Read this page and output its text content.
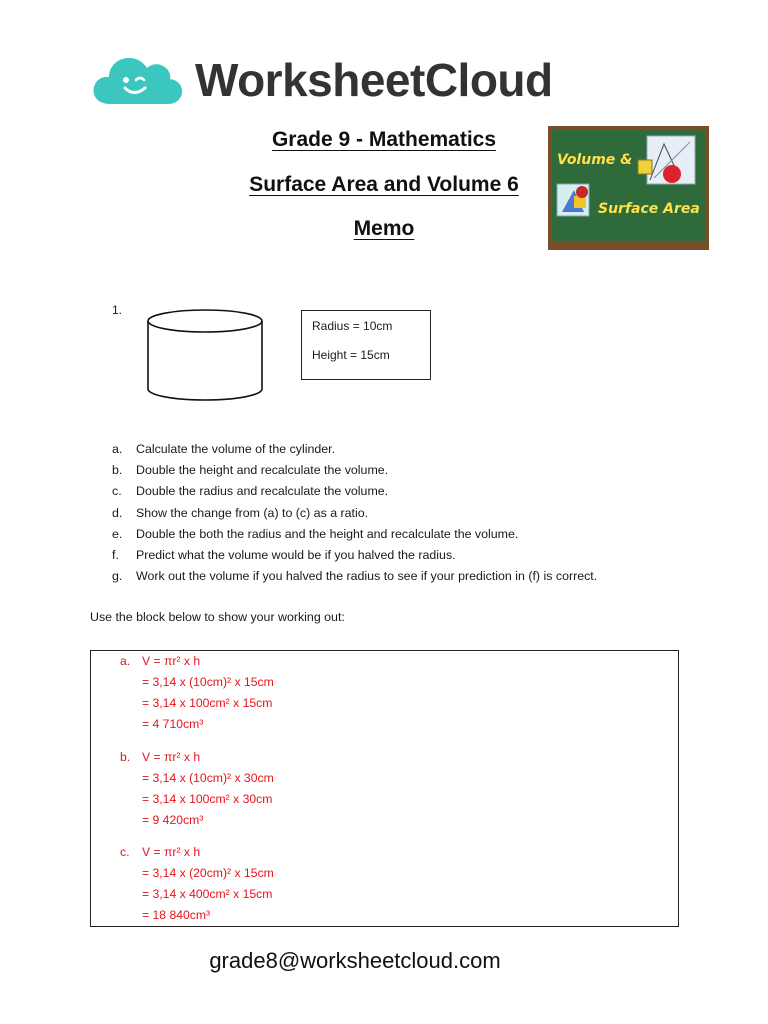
WorksheetCloud
Grade 9 - Mathematics
Surface Area and Volume 6
Memo
Volume &
Surface Area
1.
Radius = 10cm
Height = 15cm
a. Calculate the volume of the cylinder.
b. Double the height and recalculate the volume.
c. Double the radius and recalculate the volume.
d. Show the change from (a) to (c) as a ratio.
e. Double the both the radius and the height and recalculate the volume.
f. Predict what the volume would be if you halved the radius.
g. Work out the volume if you halved the radius to see if your prediction in (f) is correct.
Use the block below to show your working out:
a. V = πr² x h
= 3,14 x (10cm)² x 15cm
= 3,14 x 100cm² x 15cm
= 4 710cm³
b. V = πr² x h
= 3,14 x (10cm)² x 30cm
= 3,14 x 100cm² x 30cm
= 9 420cm³
c. V = πr² x h
= 3,14 x (20cm)² x 15cm
= 3,14 x 400cm² x 15cm
= 18 840cm³
grade8@worksheetcloud.com
